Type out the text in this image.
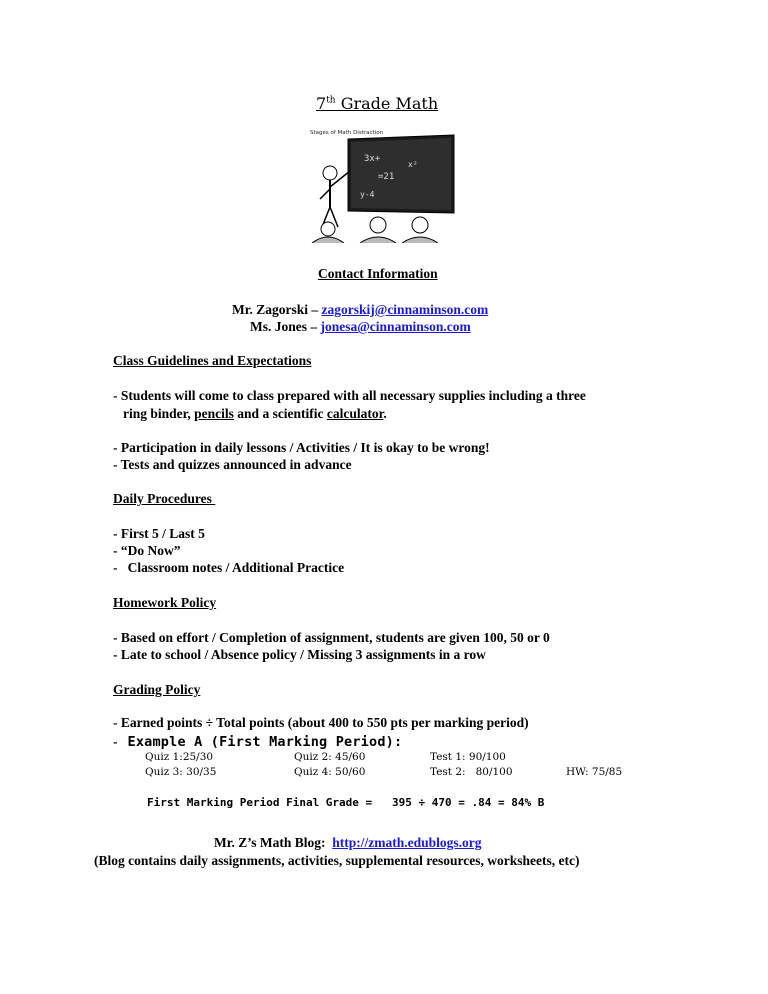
7th Grade Math
Stages of Math Distraction
3x+
=21
x²
y-4
Contact Information
Mr. Zagorski – zagorskij@cinnaminson.com
Ms. Jones – jonesa@cinnaminson.com
Class Guidelines and Expectations
- Students will come to class prepared with all necessary supplies including a three
ring binder, pencils and a scientific calculator.
- Participation in daily lessons / Activities / It is okay to be wrong!
- Tests and quizzes announced in advance
Daily Procedures
- First 5 / Last 5
- “Do Now”
-   Classroom notes / Additional Practice
Homework Policy
- Based on effort / Completion of assignment, students are given 100, 50 or 0
- Late to school / Absence policy / Missing 3 assignments in a row
Grading Policy
- Earned points ÷ Total points (about 400 to 550 pts per marking period)
- Example A (First Marking Period):
Quiz 1:25/30	Quiz 2: 45/60	Test 1: 90/100
Quiz 3: 30/35	Quiz 4: 50/60	Test 2:   80/100	HW: 75/85
First Marking Period Final Grade =   395 ÷ 470 = .84 = 84% B
Mr. Z’s Math Blog:  http://zmath.edublogs.org
(Blog contains daily assignments, activities, supplemental resources, worksheets, etc)
